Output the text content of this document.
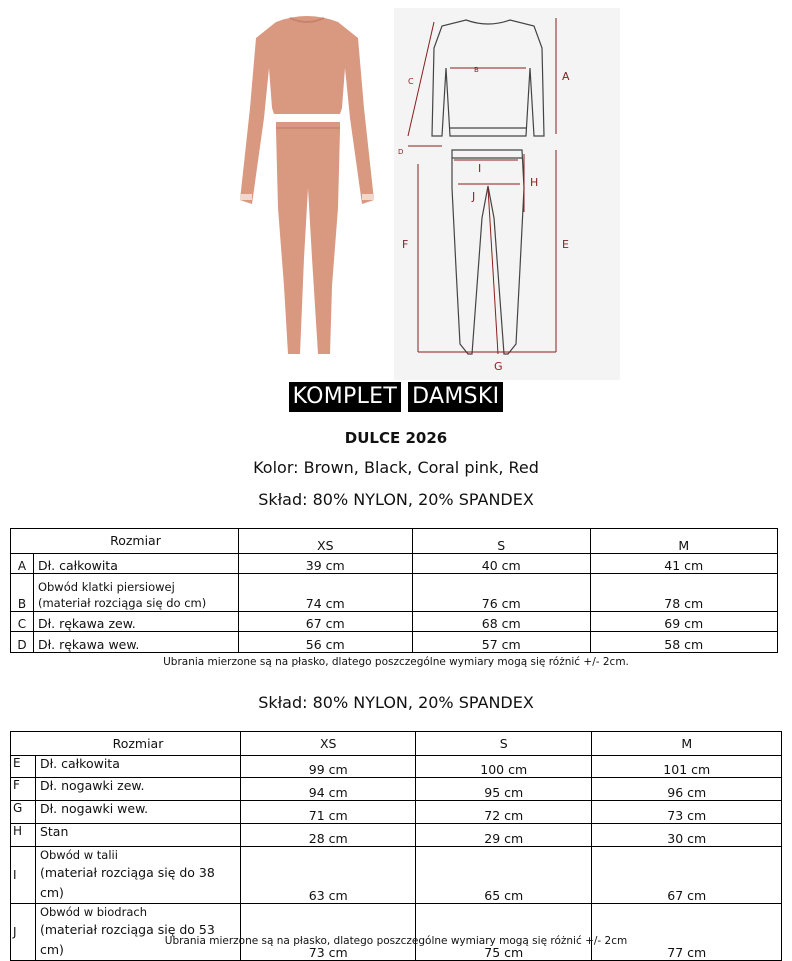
A
B
C
D
E
F
G
H
I
J
KOMPLET DAMSKI
DULCE 2026
Kolor: Brown, Black, Coral pink, Red
Skład: 80% NYLON, 20% SPANDEX
	Rozmiar	XS	S	M
A	Dł. całkowita	39 cm	40 cm	41 cm
B	Obwód klatki piersiowej
(materiał rozciąga się do cm)	74 cm	76 cm	78 cm
C	Dł. rękawa zew.	67 cm	68 cm	69 cm
D	Dł. rękawa wew.	56 cm	57 cm	58 cm
Ubrania mierzone są na płasko, dlatego poszczególne wymiary mogą się różnić +/- 2cm.
Skład: 80% NYLON, 20% SPANDEX
	Rozmiar	XS	S	M
E	Dł. całkowita	99 cm	100 cm	101 cm
F	Dł. nogawki zew.	94 cm	95 cm	96 cm
G	Dł. nogawki wew.	71 cm	72 cm	73 cm
H	Stan	28 cm	29 cm	30 cm
I	Obwód w talii
(materiał rozciąga się do 38 cm)	63 cm	65 cm	67 cm
J	Obwód w biodrach
(materiał rozciąga się do 53 cm)	73 cm	75 cm	77 cm
Ubrania mierzone są na płasko, dlatego poszczególne wymiary mogą się różnić +/- 2cm
